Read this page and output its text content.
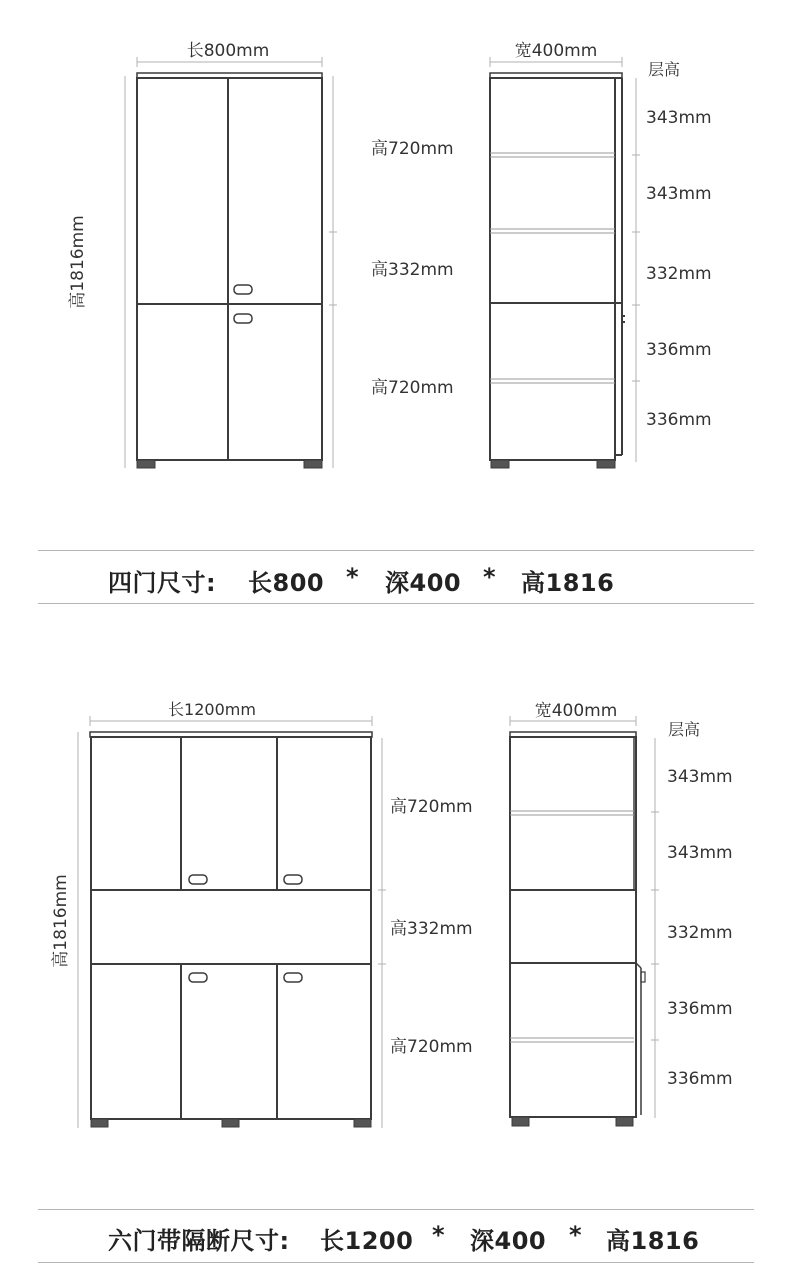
长800mm
高1816mm
高720mm
高332mm
高720mm
宽400mm
层高
343mm
343mm
332mm
336mm
336mm
长1200mm
高1816mm
高720mm
高332mm
高720mm
宽400mm
层高
343mm
343mm
332mm
336mm
336mm
四门尺寸: 长800 * 深400 * 高1816
六门带隔断尺寸: 长1200 * 深400 * 高1816
